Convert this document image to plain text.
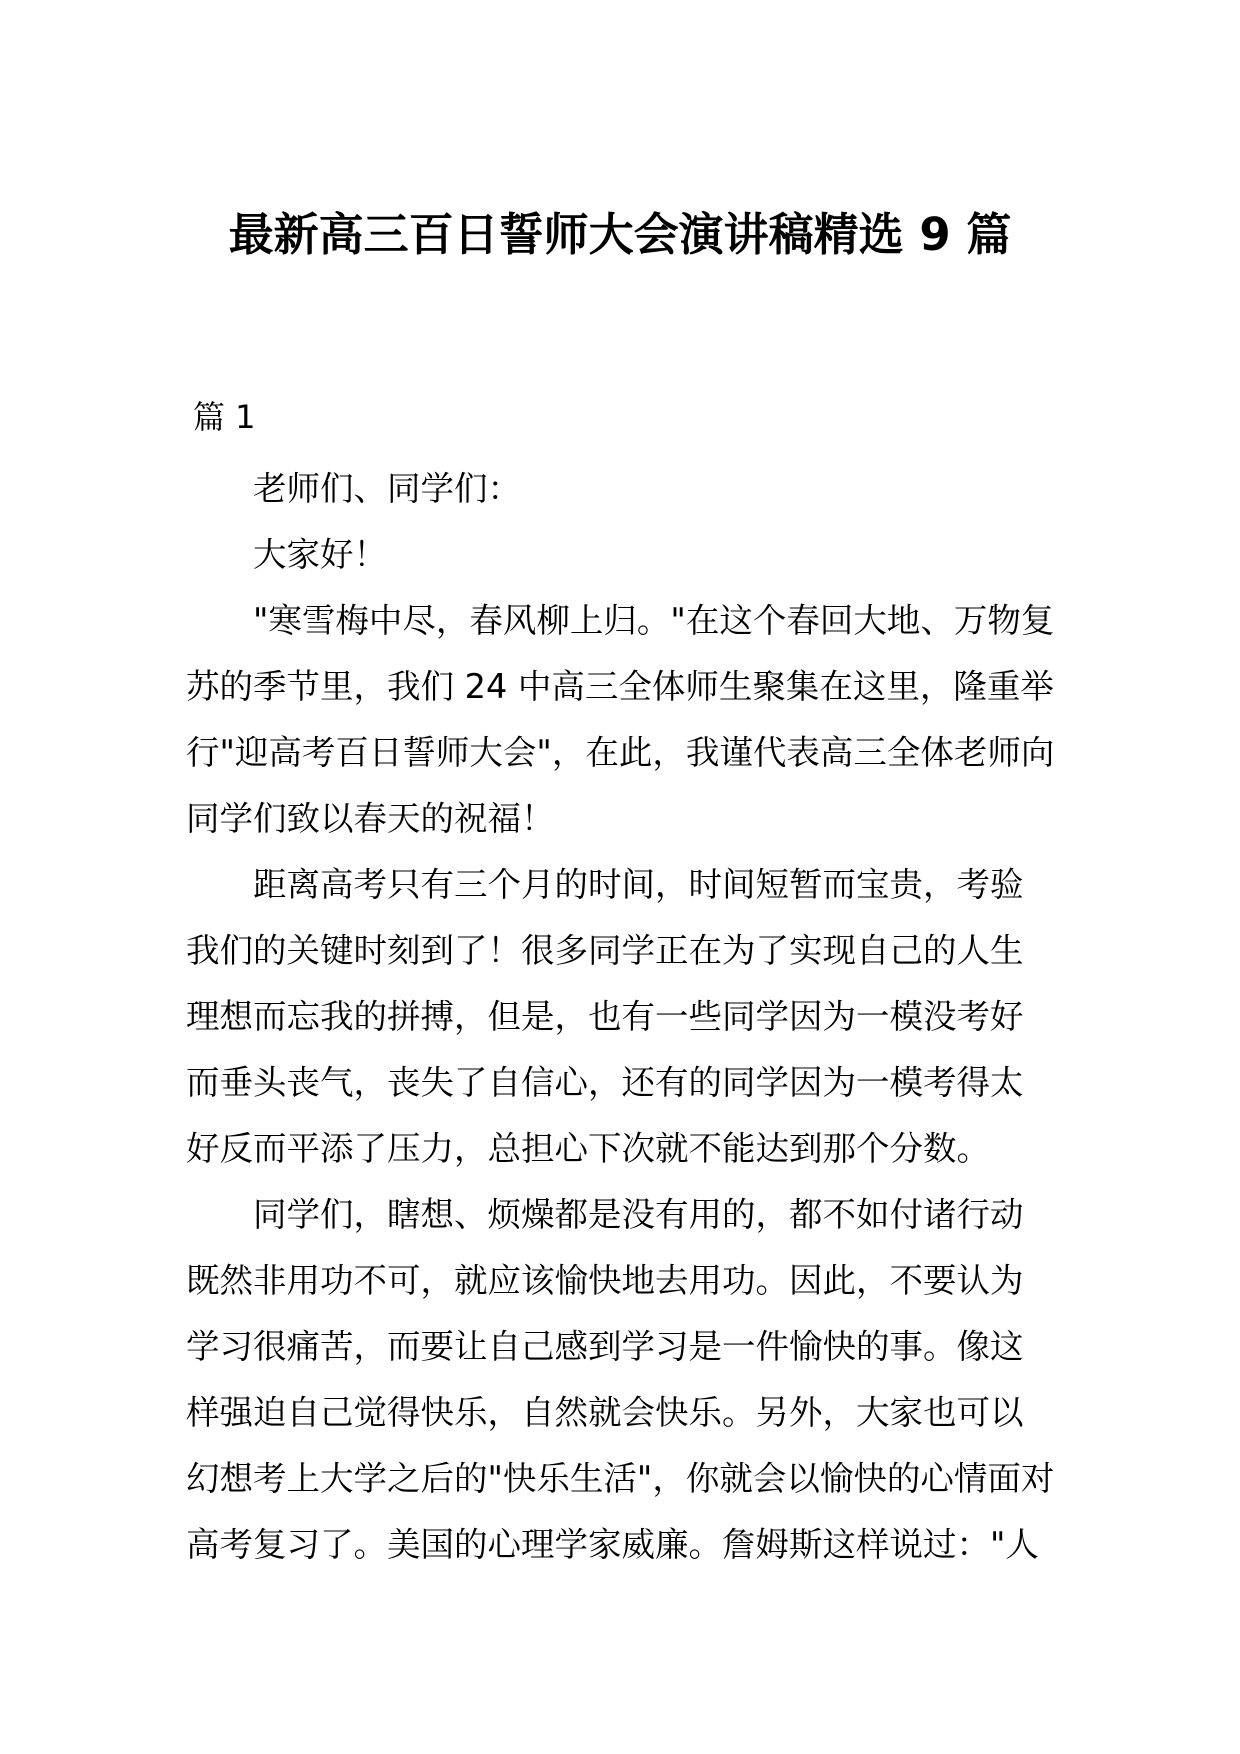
最新高三百日誓师大会演讲稿精选 9 篇
篇 1
老师们、同学们：
大家好！
"寒雪梅中尽，春风柳上归。"在这个春回大地、万物复
苏的季节里，我们 24 中高三全体师生聚集在这里，隆重举
行"迎高考百日誓师大会"，在此，我谨代表高三全体老师向
同学们致以春天的祝福！
距离高考只有三个月的时间，时间短暂而宝贵，考验
我们的关键时刻到了！很多同学正在为了实现自己的人生
理想而忘我的拼搏，但是，也有一些同学因为一模没考好
而垂头丧气，丧失了自信心，还有的同学因为一模考得太
好反而平添了压力，总担心下次就不能达到那个分数。
同学们，瞎想、烦燥都是没有用的，都不如付诸行动
既然非用功不可，就应该愉快地去用功。因此，不要认为
学习很痛苦，而要让自己感到学习是一件愉快的事。像这
样强迫自己觉得快乐，自然就会快乐。另外，大家也可以
幻想考上大学之后的"快乐生活"，你就会以愉快的心情面对
高考复习了。美国的心理学家威廉。詹姆斯这样说过："人
